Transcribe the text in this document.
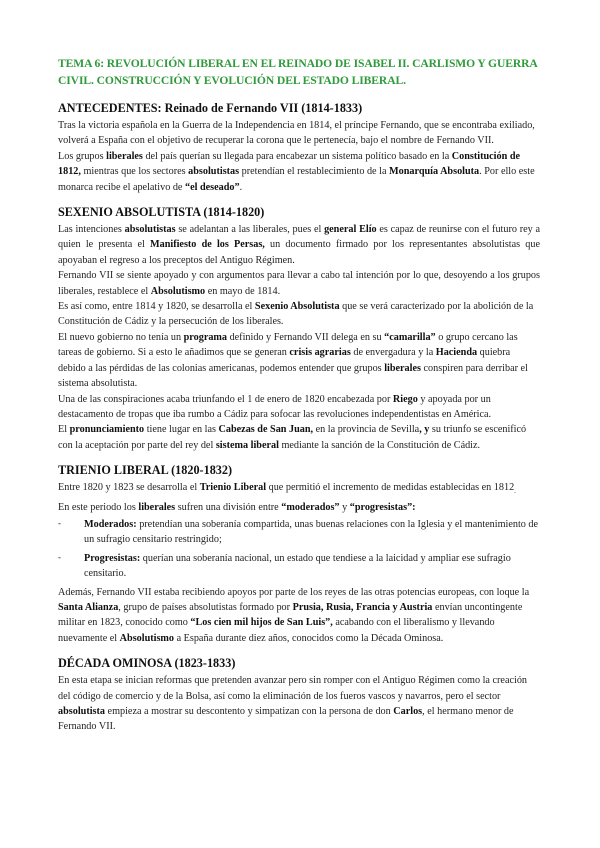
TEMA 6: REVOLUCIÓN LIBERAL EN EL REINADO DE ISABEL II. CARLISMO Y GUERRA CIVIL. CONSTRUCCIÓN Y EVOLUCIÓN DEL ESTADO LIBERAL.
ANTECEDENTES: Reinado de Fernando VII (1814-1833)

Tras la victoria española en la Guerra de la Independencia en 1814, el príncipe Fernando, que se encontraba exiliado, volverá a España con el objetivo de recuperar la corona que le pertenecía, bajo el nombre de Fernando VII.

Los grupos liberales del país querían su llegada para encabezar un sistema político basado en la Constitución de 1812, mientras que los sectores absolutistas pretendían el restablecimiento de la Monarquía Absoluta. Por ello este monarca recibe el apelativo de “el deseado”.

SEXENIO ABSOLUTISTA (1814-1820)

Las intenciones absolutistas se adelantan a las liberales, pues el general Elío es capaz de reunirse con el futuro rey a quien le presenta el Manifiesto de los Persas, un documento firmado por los representantes absolutistas que apoyaban el regreso a los preceptos del Antiguo Régimen.

Fernando VII se siente apoyado y con argumentos para llevar a cabo tal intención por lo que, desoyendo a los grupos liberales, restablece el Absolutismo en mayo de 1814.

Es así como, entre 1814 y 1820, se desarrolla el Sexenio Absolutista que se verá caracterizado por la abolición de la Constitución de Cádiz y la persecución de los liberales.

El nuevo gobierno no tenía un programa definido y Fernando VII delega en su “camarilla” o grupo cercano las tareas de gobierno. Si a esto le añadimos que se generan crisis agrarias de envergadura y la Hacienda quiebra debido a las pérdidas de las colonias americanas, podemos entender que grupos liberales conspiren para derribar el sistema absolutista.

Una de las conspiraciones acaba triunfando el 1 de enero de 1820 encabezada por Riego y apoyada por un destacamento de tropas que iba rumbo a Cádiz para sofocar las revoluciones independentistas en América.

El pronunciamiento tiene lugar en las Cabezas de San Juan, en la provincia de Sevilla, y su triunfo se escenificó con la aceptación por parte del rey del sistema liberal mediante la sanción de la Constitución de Cádiz.

TRIENIO LIBERAL (1820-1832)

Entre 1820 y 1823 se desarrolla el Trienio Liberal que permitió el incremento de medidas establecidas en $1812_.$

En este periodo los liberales sufren una división entre “moderados” y “progresistas”:

- Moderados: pretendían una soberanía compartida, unas buenas relaciones con la Iglesia y el mantenimiento de un sufragio censitario restringido;
- Progresistas: querían una soberanía nacional, un estado que tendiese a la laicidad y ampliar ese sufragio censitario.

Además, Fernando VII estaba recibiendo apoyos por parte de los reyes de las otras potencias europeas, con loque la Santa Alianza, grupo de países absolutistas formado por Prusia, Rusia, Francia y Austria envían uncontingente militar en 1823, conocido como “Los cien mil hijos de San Luis”, acabando con el liberalismo y llevando nuevamente el Absolutismo a España durante diez años, conocidos como la Década Ominosa.

DÉCADA OMINOSA (1823-1833)

En esta etapa se inician reformas que pretenden avanzar pero sin romper con el Antiguo Régimen como la creación del código de comercio y de la Bolsa, así como la eliminación de los fueros vascos y navarros, pero el sector absolutista empieza a mostrar su descontento y simpatizan con la persona de don Carlos, el hermano menor de Fernando VII.
